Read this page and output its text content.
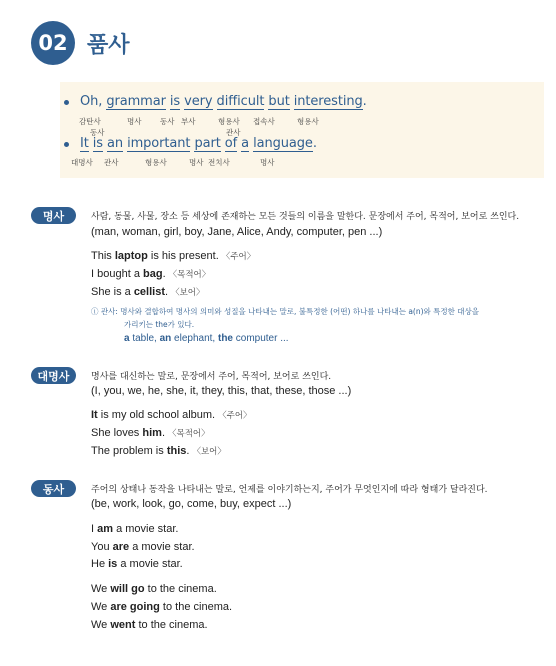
02 품사
Oh, grammar is very difficult but interesting.
감탄사	명사 동사 부사	형용사 접속사	형용사
동사	관사
It is an important part of a language.
대명사 관사	형용사	명사 전치사	명사
명사	사람, 동물, 사물, 장소 등 세상에 존재하는 모든 것들의 이름을 말한다. 문장에서 주어, 목적어, 보어로 쓰인다.
(man, woman, girl, boy, Jane, Alice, Andy, computer, pen ...)
This laptop is his present. 〈주어〉
I bought a bag. 〈목적어〉
She is a cellist. 〈보어〉
ⓘ 관사: 명사와 결합하여 명사의 의미와 성질을 나타내는 말로, 불특정한 (어떤) 하나를 나타내는 a(n)와 특정한 대상을
가리키는 the가 있다.
a table, an elephant, the computer ...
대명사 명사를 대신하는 말로, 문장에서 주어, 목적어, 보어로 쓰인다.
(I, you, we, he, she, it, they, this, that, these, those ...)
It is my old school album. 〈주어〉
She loves him. 〈목적어〉
The problem is this. 〈보어〉
동사	주어의 상태나 동작을 나타내는 말로, 언제를 이야기하는지, 주어가 무엇인지에 따라 형태가 달라진다.
(be, work, look, go, come, buy, expect ...)
I am a movie star.
You are a movie star.
He is a movie star.
We will go to the cinema.
We are going to the cinema.
We went to the cinema.
